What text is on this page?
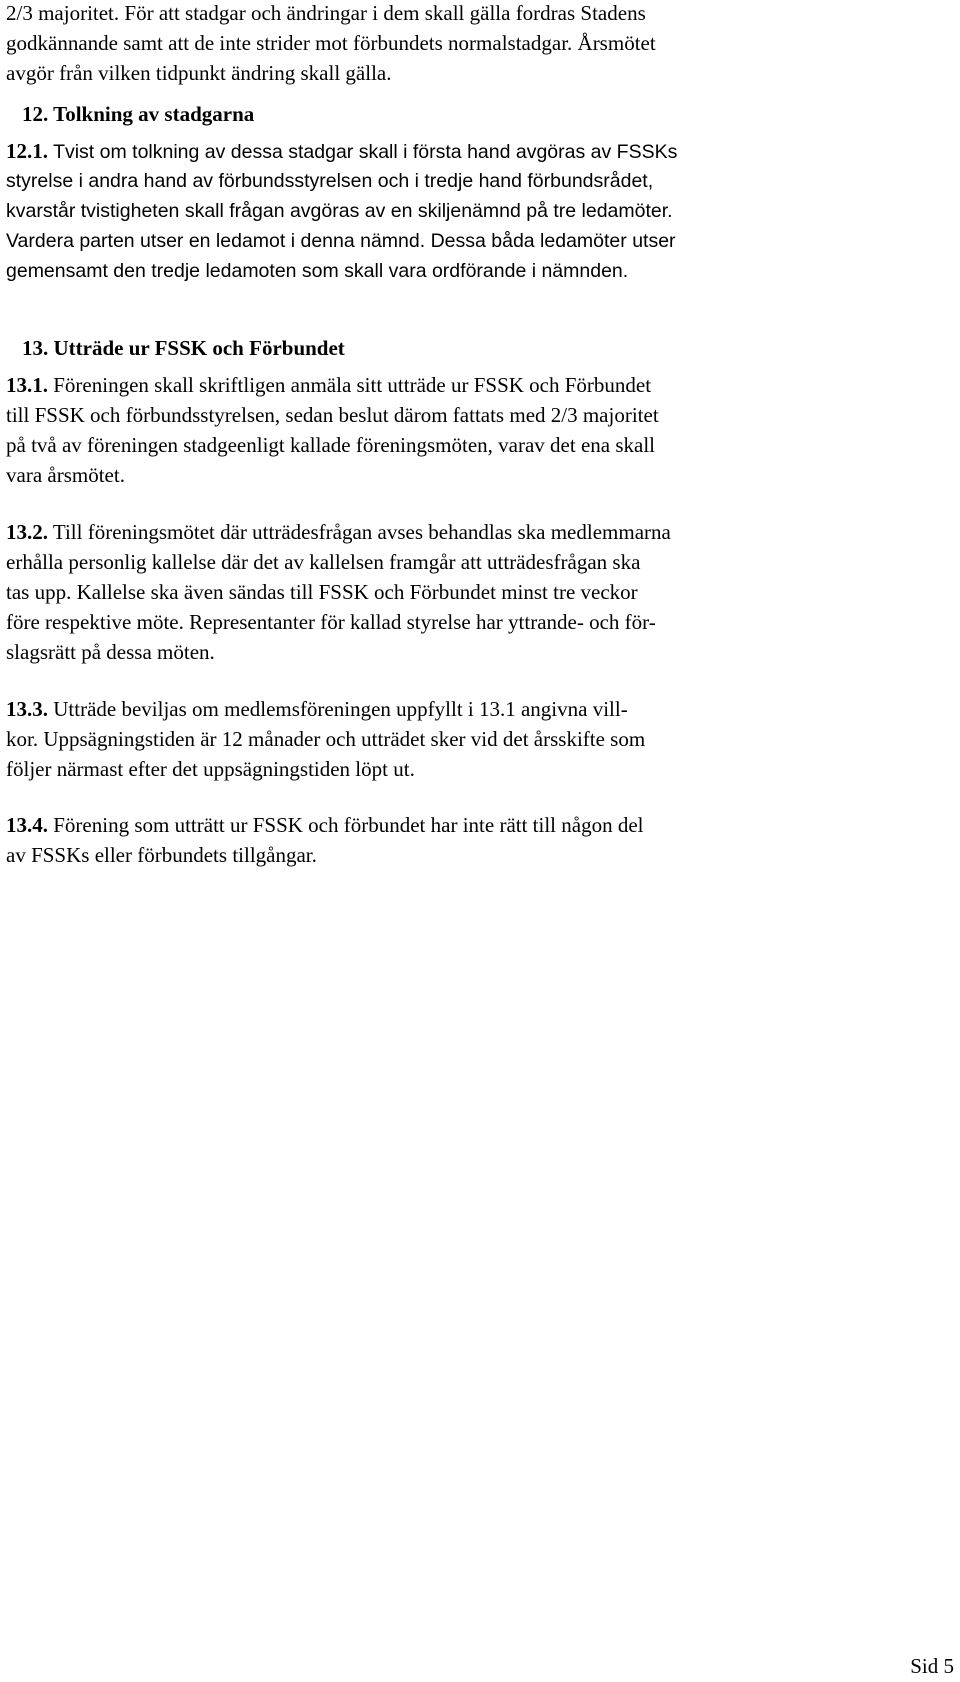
2/3 majoritet. För att stadgar och ändringar i dem skall gälla fordras Stadens
godkännande samt att de inte strider mot förbundets normalstadgar. Årsmötet
avgör från vilken tidpunkt ändring skall gälla.
12. Tolkning av stadgarna
12.1. Tvist om tolkning av dessa stadgar skall i första hand avgöras av FSSKs
styrelse i andra hand av förbundsstyrelsen och i tredje hand förbundsrådet,
kvarstår tvistigheten skall frågan avgöras av en skiljenämnd på tre ledamöter.
Vardera parten utser en ledamot i denna nämnd. Dessa båda ledamöter utser
gemensamt den tredje ledamoten som skall vara ordförande i nämnden.
13. Utträde ur FSSK och Förbundet
13.1. Föreningen skall skriftligen anmäla sitt utträde ur FSSK och Förbundet
till FSSK och förbundsstyrelsen, sedan beslut därom fattats med 2/3 majoritet
på två av föreningen stadgeenligt kallade föreningsmöten, varav det ena skall
vara årsmötet.
13.2. Till föreningsmötet där utträdesfrågan avses behandlas ska medlemmarna
erhålla personlig kallelse där det av kallelsen framgår att utträdesfrågan ska
tas upp. Kallelse ska även sändas till FSSK och Förbundet minst tre veckor
före respektive möte. Representanter för kallad styrelse har yttrande- och för-
slagsrätt på dessa möten.
13.3. Utträde beviljas om medlemsföreningen uppfyllt i 13.1 angivna vill-
kor. Uppsägningstiden är 12 månader och utträdet sker vid det årsskifte som
följer närmast efter det uppsägningstiden löpt ut.
13.4. Förening som utträtt ur FSSK och förbundet har inte rätt till någon del
av FSSKs eller förbundets tillgångar.
Sid 5
